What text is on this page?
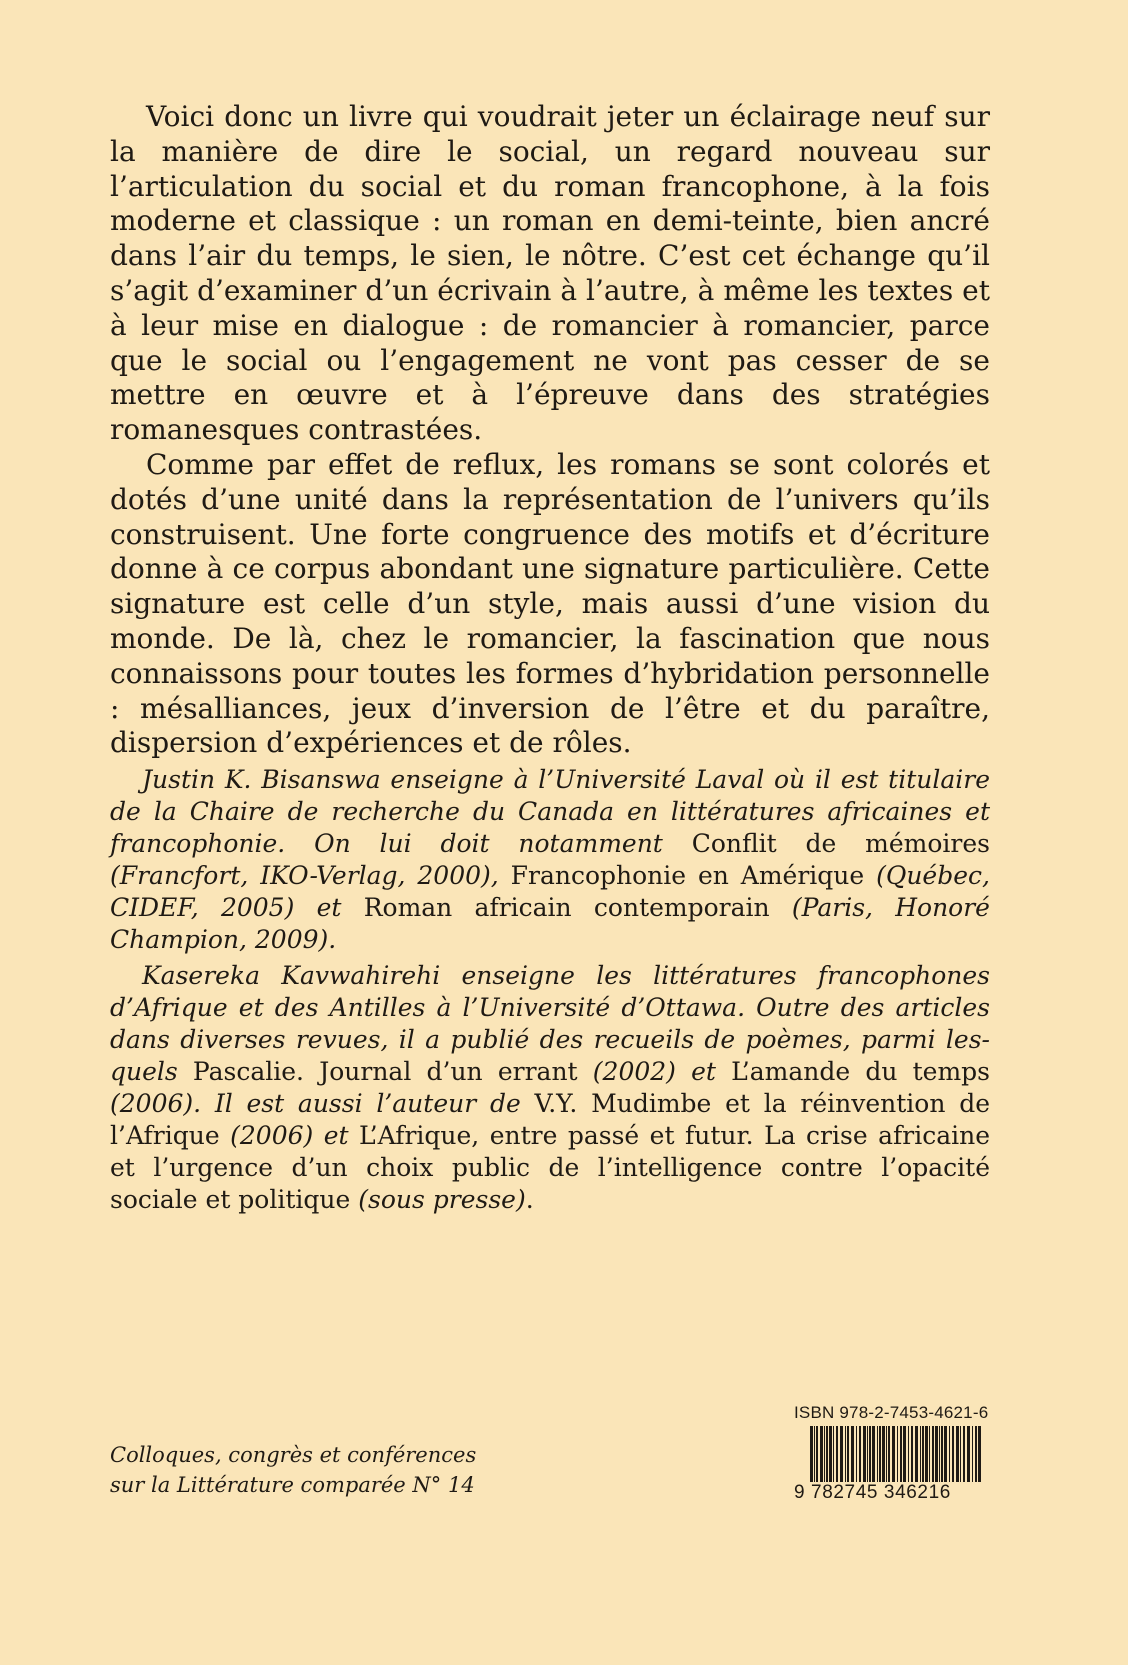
Voici donc un livre qui voudrait jeter un éclairage neuf sur la manière de dire le social, un regard nouveau sur l’articulation du social et du roman francophone, à la fois moderne et classique : un roman en demi-teinte, bien ancré dans l’air du temps, le sien, le nôtre. C’est cet échange qu’il s’agit d’examiner d’un écrivain à l’autre, à même les textes et à leur mise en dialogue : de romancier à romancier, parce que le social ou l’engagement ne vont pas cesser de se mettre en œuvre et à l’épreuve dans des stratégies romanesques contrastées.

Comme par effet de reflux, les romans se sont colorés et dotés d’une unité dans la représentation de l’univers qu’ils construisent. Une forte congruence des motifs et d’écriture donne à ce corpus abondant une signature particulière. Cette signature est celle d’un style, mais aussi d’une vision du monde. De là, chez le romancier, la fascination que nous connaissons pour toutes les formes d’hybridation personnelle : mésalliances, jeux d’inversion de l’être et du paraître, dispersion d’expériences et de rôles.

Justin K. Bisanswa enseigne à l’Université Laval où il est titulaire de la Chaire de recherche du Canada en littératures africaines et francophonie. On lui doit notamment Conflit de mémoires (Francfort, IKO-Verlag, 2000), Francophonie en Amérique (Québec, CIDEF, 2005) et Roman africain contemporain (Paris, Honoré Champion, 2009).

Kasereka Kavwahirehi enseigne les littératures francophones d’Afrique et des Antilles à l’Université d’Ottawa. Outre des articles dans diverses revues, il a publié des recueils de poèmes, parmi les-quels Pascalie. Journal d’un errant (2002) et L’amande du temps (2006). Il est aussi l’auteur de V.Y. Mudimbe et la réinvention de l’Afrique (2006) et L’Afrique, entre passé et futur. La crise africaine et l’urgence d’un choix public de l’intelligence contre l’opacité sociale et politique (sous presse).

Colloques, congrès et conférences
sur la Littérature comparée N° 14
ISBN 978-2-7453-4621-6
9 782745 346216
